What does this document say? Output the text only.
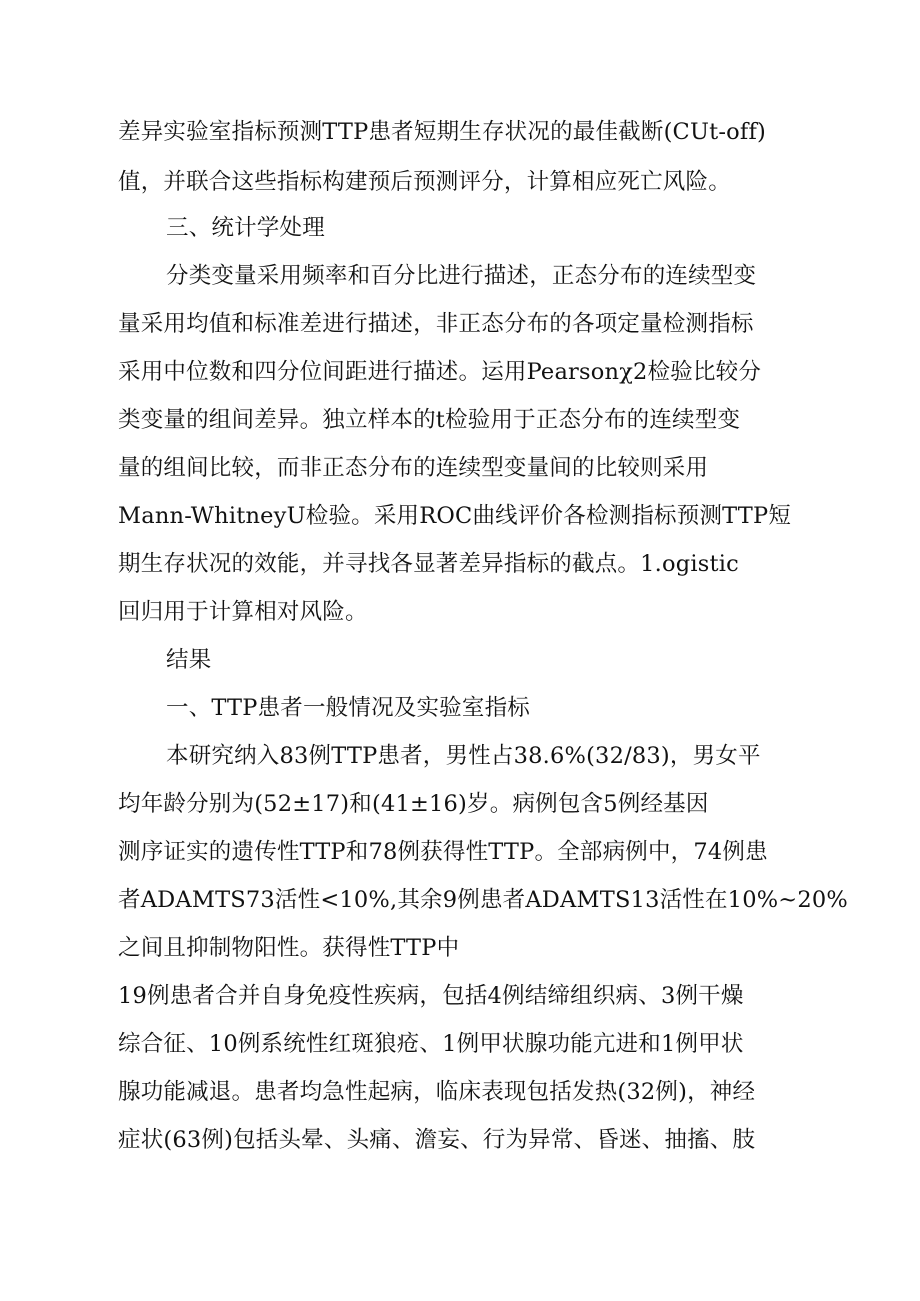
差异实验室指标预测TTP患者短期生存状况的最佳截断(CUt-off)
值，并联合这些指标构建预后预测评分，计算相应死亡风险。
三、统计学处理
分类变量采用频率和百分比进行描述，正态分布的连续型变
量采用均值和标准差进行描述，非正态分布的各项定量检测指标
采用中位数和四分位间距进行描述。运用Pearsonχ2检验比较分
类变量的组间差异。独立样本的t检验用于正态分布的连续型变
量的组间比较，而非正态分布的连续型变量间的比较则采用
Mann-WhitneyU检验。采用ROC曲线评价各检测指标预测TTP短
期生存状况的效能，并寻找各显著差异指标的截点。1.ogistic
回归用于计算相对风险。
结果
一、TTP患者一般情况及实验室指标
本研究纳入83例TTP患者，男性占38.6%(32/83)，男女平
均年龄分别为(52±17)和(41±16)岁。病例包含5例经基因
测序证实的遗传性TTP和78例获得性TTP。全部病例中，74例患
者ADAMTS73活性<10%,其余9例患者ADAMTS13活性在10%~20%
之间且抑制物阳性。获得性TTP中
19例患者合并自身免疫性疾病，包括4例结缔组织病、3例干燥
综合征、10例系统性红斑狼疮、1例甲状腺功能亢进和1例甲状
腺功能减退。患者均急性起病，临床表现包括发热(32例)，神经
症状(63例)包括头晕、头痛、澹妄、行为异常、昏迷、抽搐、肢
